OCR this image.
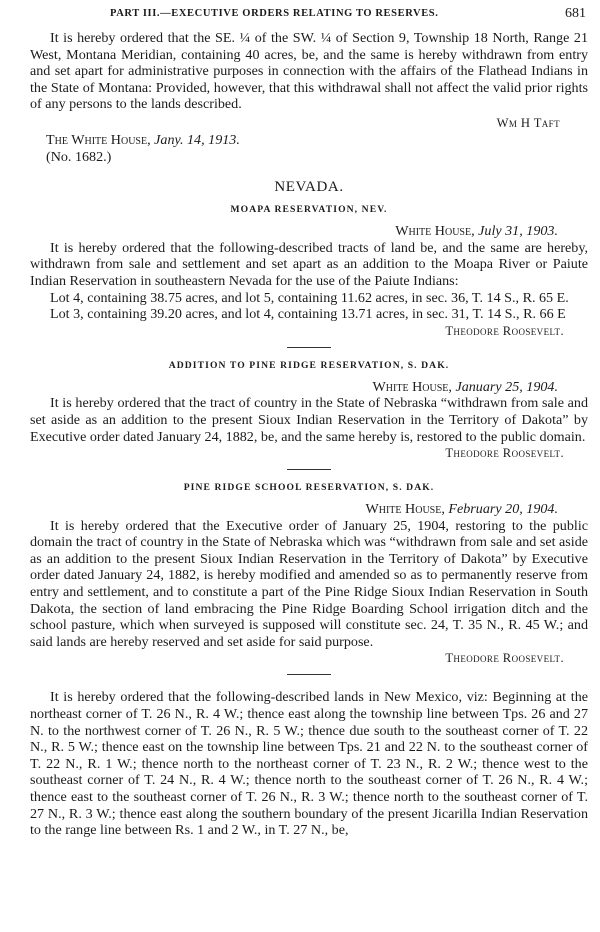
PART III.—EXECUTIVE ORDERS RELATING TO RESERVES.	681

It is hereby ordered that the SE. ¼ of the SW. ¼ of Section 9, Township 18 North, Range 21 West, Montana Meridian, containing 40 acres, be, and the same is hereby withdrawn from entry and set apart for administrative purposes in connection with the affairs of the Flathead Indians in the State of Montana: Provided, however, that this withdrawal shall not affect the valid prior rights of any persons to the lands described.

Wm H Taft
The White House, Jany. 14, 1913.
(No. 1682.)
NEVADA.
MOAPA RESERVATION, NEV.
White House, July 31, 1903.

It is hereby ordered that the following-described tracts of land be, and the same are hereby, withdrawn from sale and settlement and set apart as an addition to the Moapa River or Paiute Indian Reservation in southeastern Nevada for the use of the Paiute Indians:

Lot 4, containing 38.75 acres, and lot 5, containing 11.62 acres, in sec. 36, T. 14 S., R. 65 E.

Lot 3, containing 39.20 acres, and lot 4, containing 13.71 acres, in sec. 31, T. 14 S., R. 66 E

Theodore Roosevelt.
ADDITION TO PINE RIDGE RESERVATION, S. DAK.
White House, January 25, 1904.

It is hereby ordered that the tract of country in the State of Nebraska “withdrawn from sale and set aside as an addition to the present Sioux Indian Reservation in the Territory of Dakota” by Executive order dated January 24, 1882, be, and the same hereby is, restored to the public domain.

Theodore Roosevelt.
PINE RIDGE SCHOOL RESERVATION, S. DAK.
White House, February 20, 1904.

It is hereby ordered that the Executive order of January 25, 1904, restoring to the public domain the tract of country in the State of Nebraska which was “withdrawn from sale and set aside as an addition to the present Sioux Indian Reservation in the Territory of Dakota” by Executive order dated January 24, 1882, is hereby modified and amended so as to permanently reserve from entry and settlement, and to constitute a part of the Pine Ridge Sioux Indian Reservation in South Dakota, the section of land embracing the Pine Ridge Boarding School irrigation ditch and the school pasture, which when surveyed is supposed will constitute sec. 24, T. 35 N., R. 45 W.; and said lands are hereby reserved and set aside for said purpose.

Theodore Roosevelt.

It is hereby ordered that the following-described lands in New Mexico, viz: Beginning at the northeast corner of T. 26 N., R. 4 W.; thence east along the township line between Tps. 26 and 27 N. to the northwest corner of T. 26 N., R. 5 W.; thence due south to the southeast corner of T. 22 N., R. 5 W.; thence east on the township line between Tps. 21 and 22 N. to the southeast corner of T. 22 N., R. 1 W.; thence north to the northeast corner of T. 23 N., R. 2 W.; thence west to the southeast corner of T. 24 N., R. 4 W.; thence north to the southeast corner of T. 26 N., R. 4 W.; thence east to the southeast corner of T. 26 N., R. 3 W.; thence north to the southeast corner of T. 27 N., R. 3 W.; thence east along the southern boundary of the present Jicarilla Indian Reservation to the range line between Rs. 1 and 2 W., in T. 27 N., be,
